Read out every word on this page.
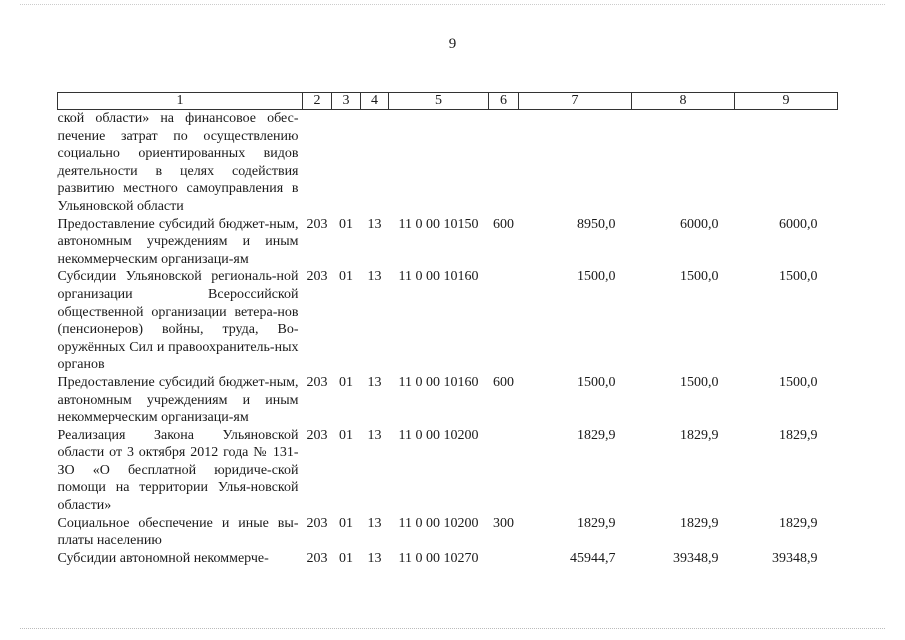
9
1	2	3	4	5	6	7	8	9
ской области» на финансовое обес-печение затрат по осуществлению социально ориентированных видов деятельности в целях содействия развитию местного самоуправления в Ульяновской области								
Предоставление субсидий бюджет-ным, автономным учреждениям и иным некоммерческим организаци-ям	203	01	13	11 0 00 10150	600	8950,0	6000,0	6000,0
Субсидии Ульяновской региональ-ной организации Всероссийской общественной организации ветера-нов (пенсионеров) войны, труда, Во-оружённых Сил и правоохранитель-ных органов	203	01	13	11 0 00 10160		1500,0	1500,0	1500,0
Предоставление субсидий бюджет-ным, автономным учреждениям и иным некоммерческим организаци-ям	203	01	13	11 0 00 10160	600	1500,0	1500,0	1500,0
Реализация Закона Ульяновской области от 3 октября 2012 года № 131-ЗО «О бесплатной юридиче-ской помощи на территории Улья-новской области»	203	01	13	11 0 00 10200		1829,9	1829,9	1829,9
Социальное обеспечение и иные вы-платы населению	203	01	13	11 0 00 10200	300	1829,9	1829,9	1829,9
Субсидии автономной некоммерче-	203	01	13	11 0 00 10270		45944,7	39348,9	39348,9
